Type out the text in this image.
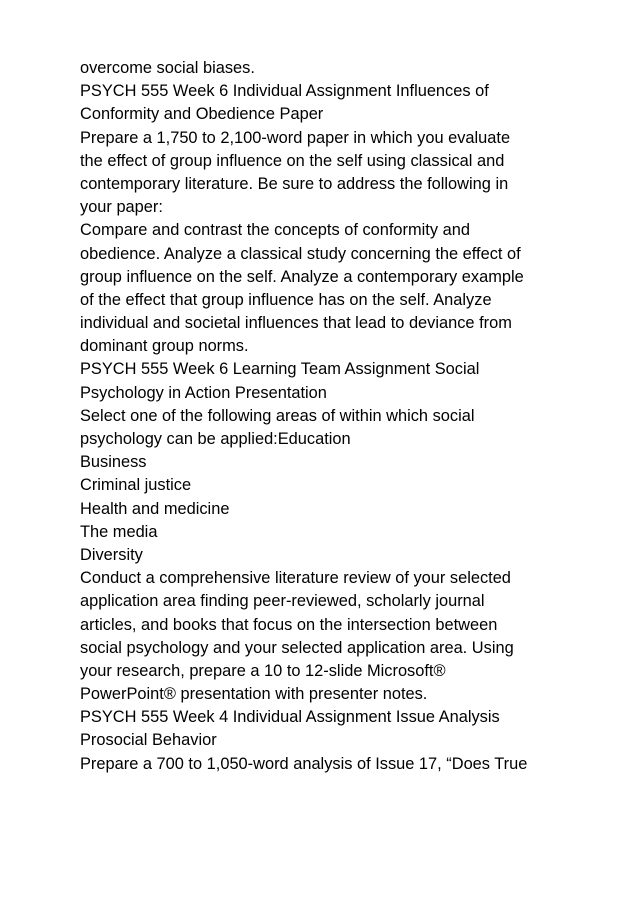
overcome social biases.
PSYCH 555 Week 6 Individual Assignment Influences of
Conformity and Obedience Paper
Prepare a 1,750 to 2,100-word paper in which you evaluate
the effect of group influence on the self using classical and
contemporary literature. Be sure to address the following in
your paper:
Compare and contrast the concepts of conformity and
obedience. Analyze a classical study concerning the effect of
group influence on the self. Analyze a contemporary example
of the effect that group influence has on the self. Analyze
individual and societal influences that lead to deviance from
dominant group norms.
PSYCH 555 Week 6 Learning Team Assignment Social
Psychology in Action Presentation
Select one of the following areas of within which social
psychology can be applied:Education
Business
Criminal justice
Health and medicine
The media
Diversity
Conduct a comprehensive literature review of your selected
application area finding peer-reviewed, scholarly journal
articles, and books that focus on the intersection between
social psychology and your selected application area. Using
your research, prepare a 10 to 12-slide Microsoft®
PowerPoint® presentation with presenter notes.
PSYCH 555 Week 4 Individual Assignment Issue Analysis
Prosocial Behavior
Prepare a 700 to 1,050-word analysis of Issue 17, “Does True
